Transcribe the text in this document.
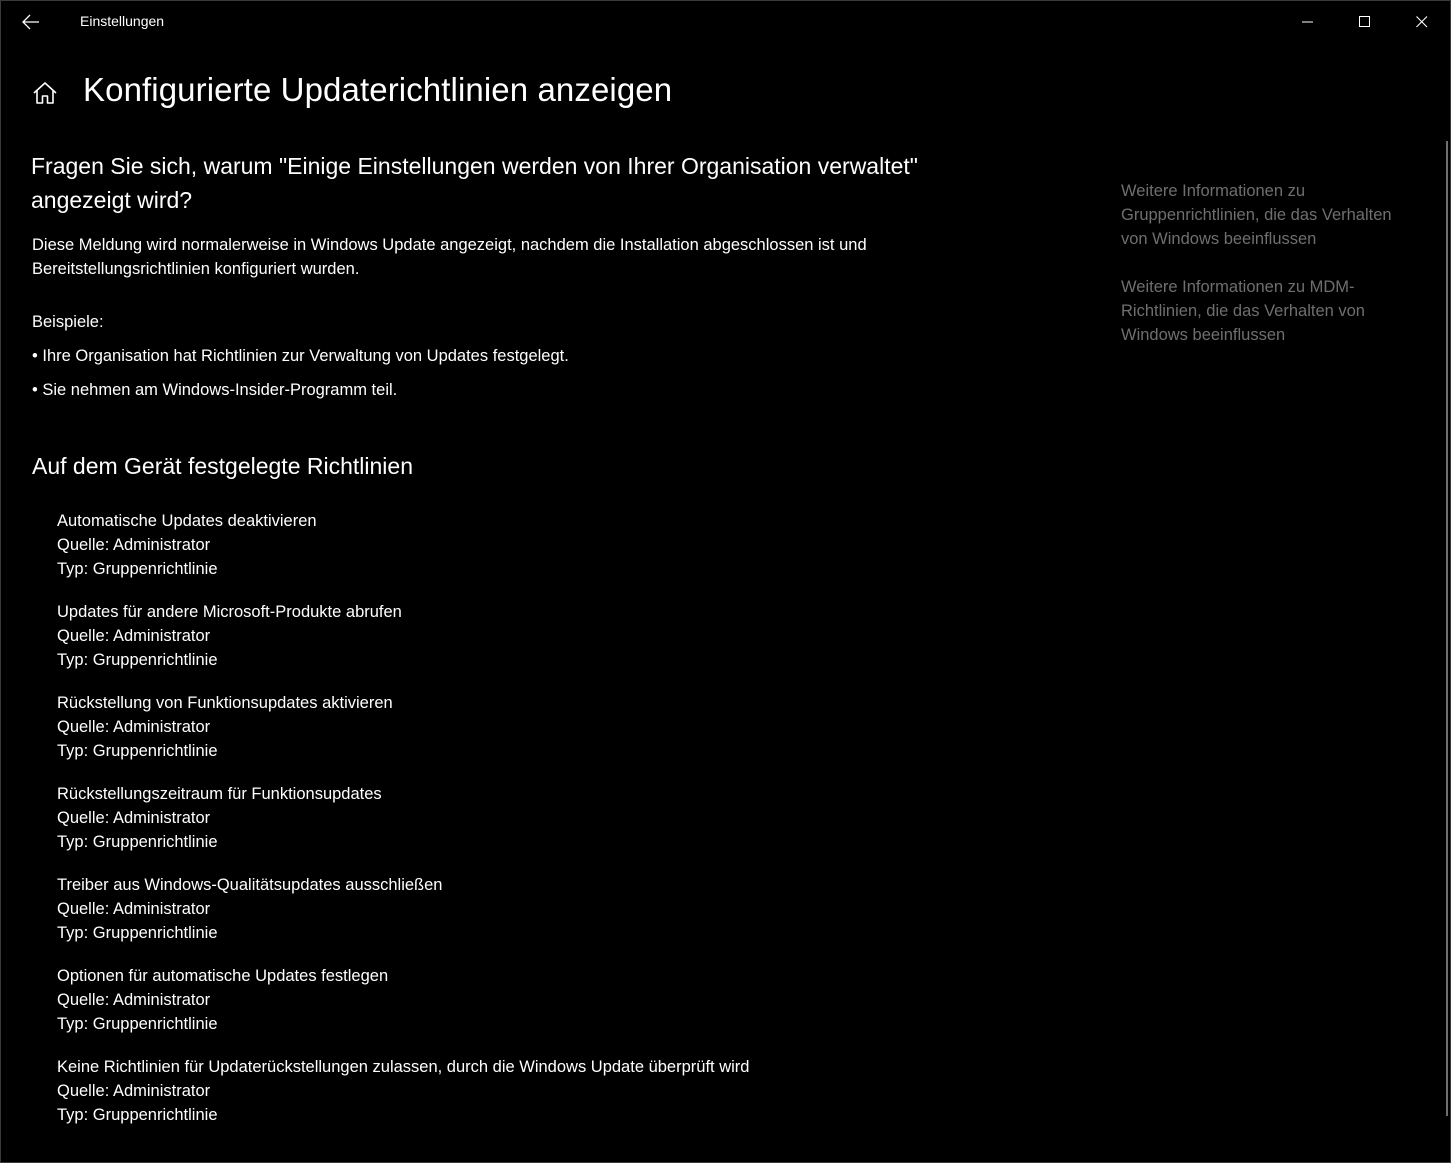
Einstellungen
Konfigurierte Updaterichtlinien anzeigen
Fragen Sie sich, warum "Einige Einstellungen werden von Ihrer Organisation verwaltet"
angezeigt wird?
Diese Meldung wird normalerweise in Windows Update angezeigt, nachdem die Installation abgeschlossen ist und Bereitstellungsrichtlinien konfiguriert wurden.
Beispiele:
• Ihre Organisation hat Richtlinien zur Verwaltung von Updates festgelegt.
• Sie nehmen am Windows-Insider-Programm teil.
Auf dem Gerät festgelegte Richtlinien
Automatische Updates deaktivieren
Quelle: Administrator
Typ: Gruppenrichtlinie
Updates für andere Microsoft-Produkte abrufen
Quelle: Administrator
Typ: Gruppenrichtlinie
Rückstellung von Funktionsupdates aktivieren
Quelle: Administrator
Typ: Gruppenrichtlinie
Rückstellungszeitraum für Funktionsupdates
Quelle: Administrator
Typ: Gruppenrichtlinie
Treiber aus Windows-Qualitätsupdates ausschließen
Quelle: Administrator
Typ: Gruppenrichtlinie
Optionen für automatische Updates festlegen
Quelle: Administrator
Typ: Gruppenrichtlinie
Keine Richtlinien für Updaterückstellungen zulassen, durch die Windows Update überprüft wird
Quelle: Administrator
Typ: Gruppenrichtlinie
Weitere Informationen zu Gruppenrichtlinien, die das Verhalten von Windows beeinflussen
Weitere Informationen zu MDM-Richtlinien, die das Verhalten von Windows beeinflussen
